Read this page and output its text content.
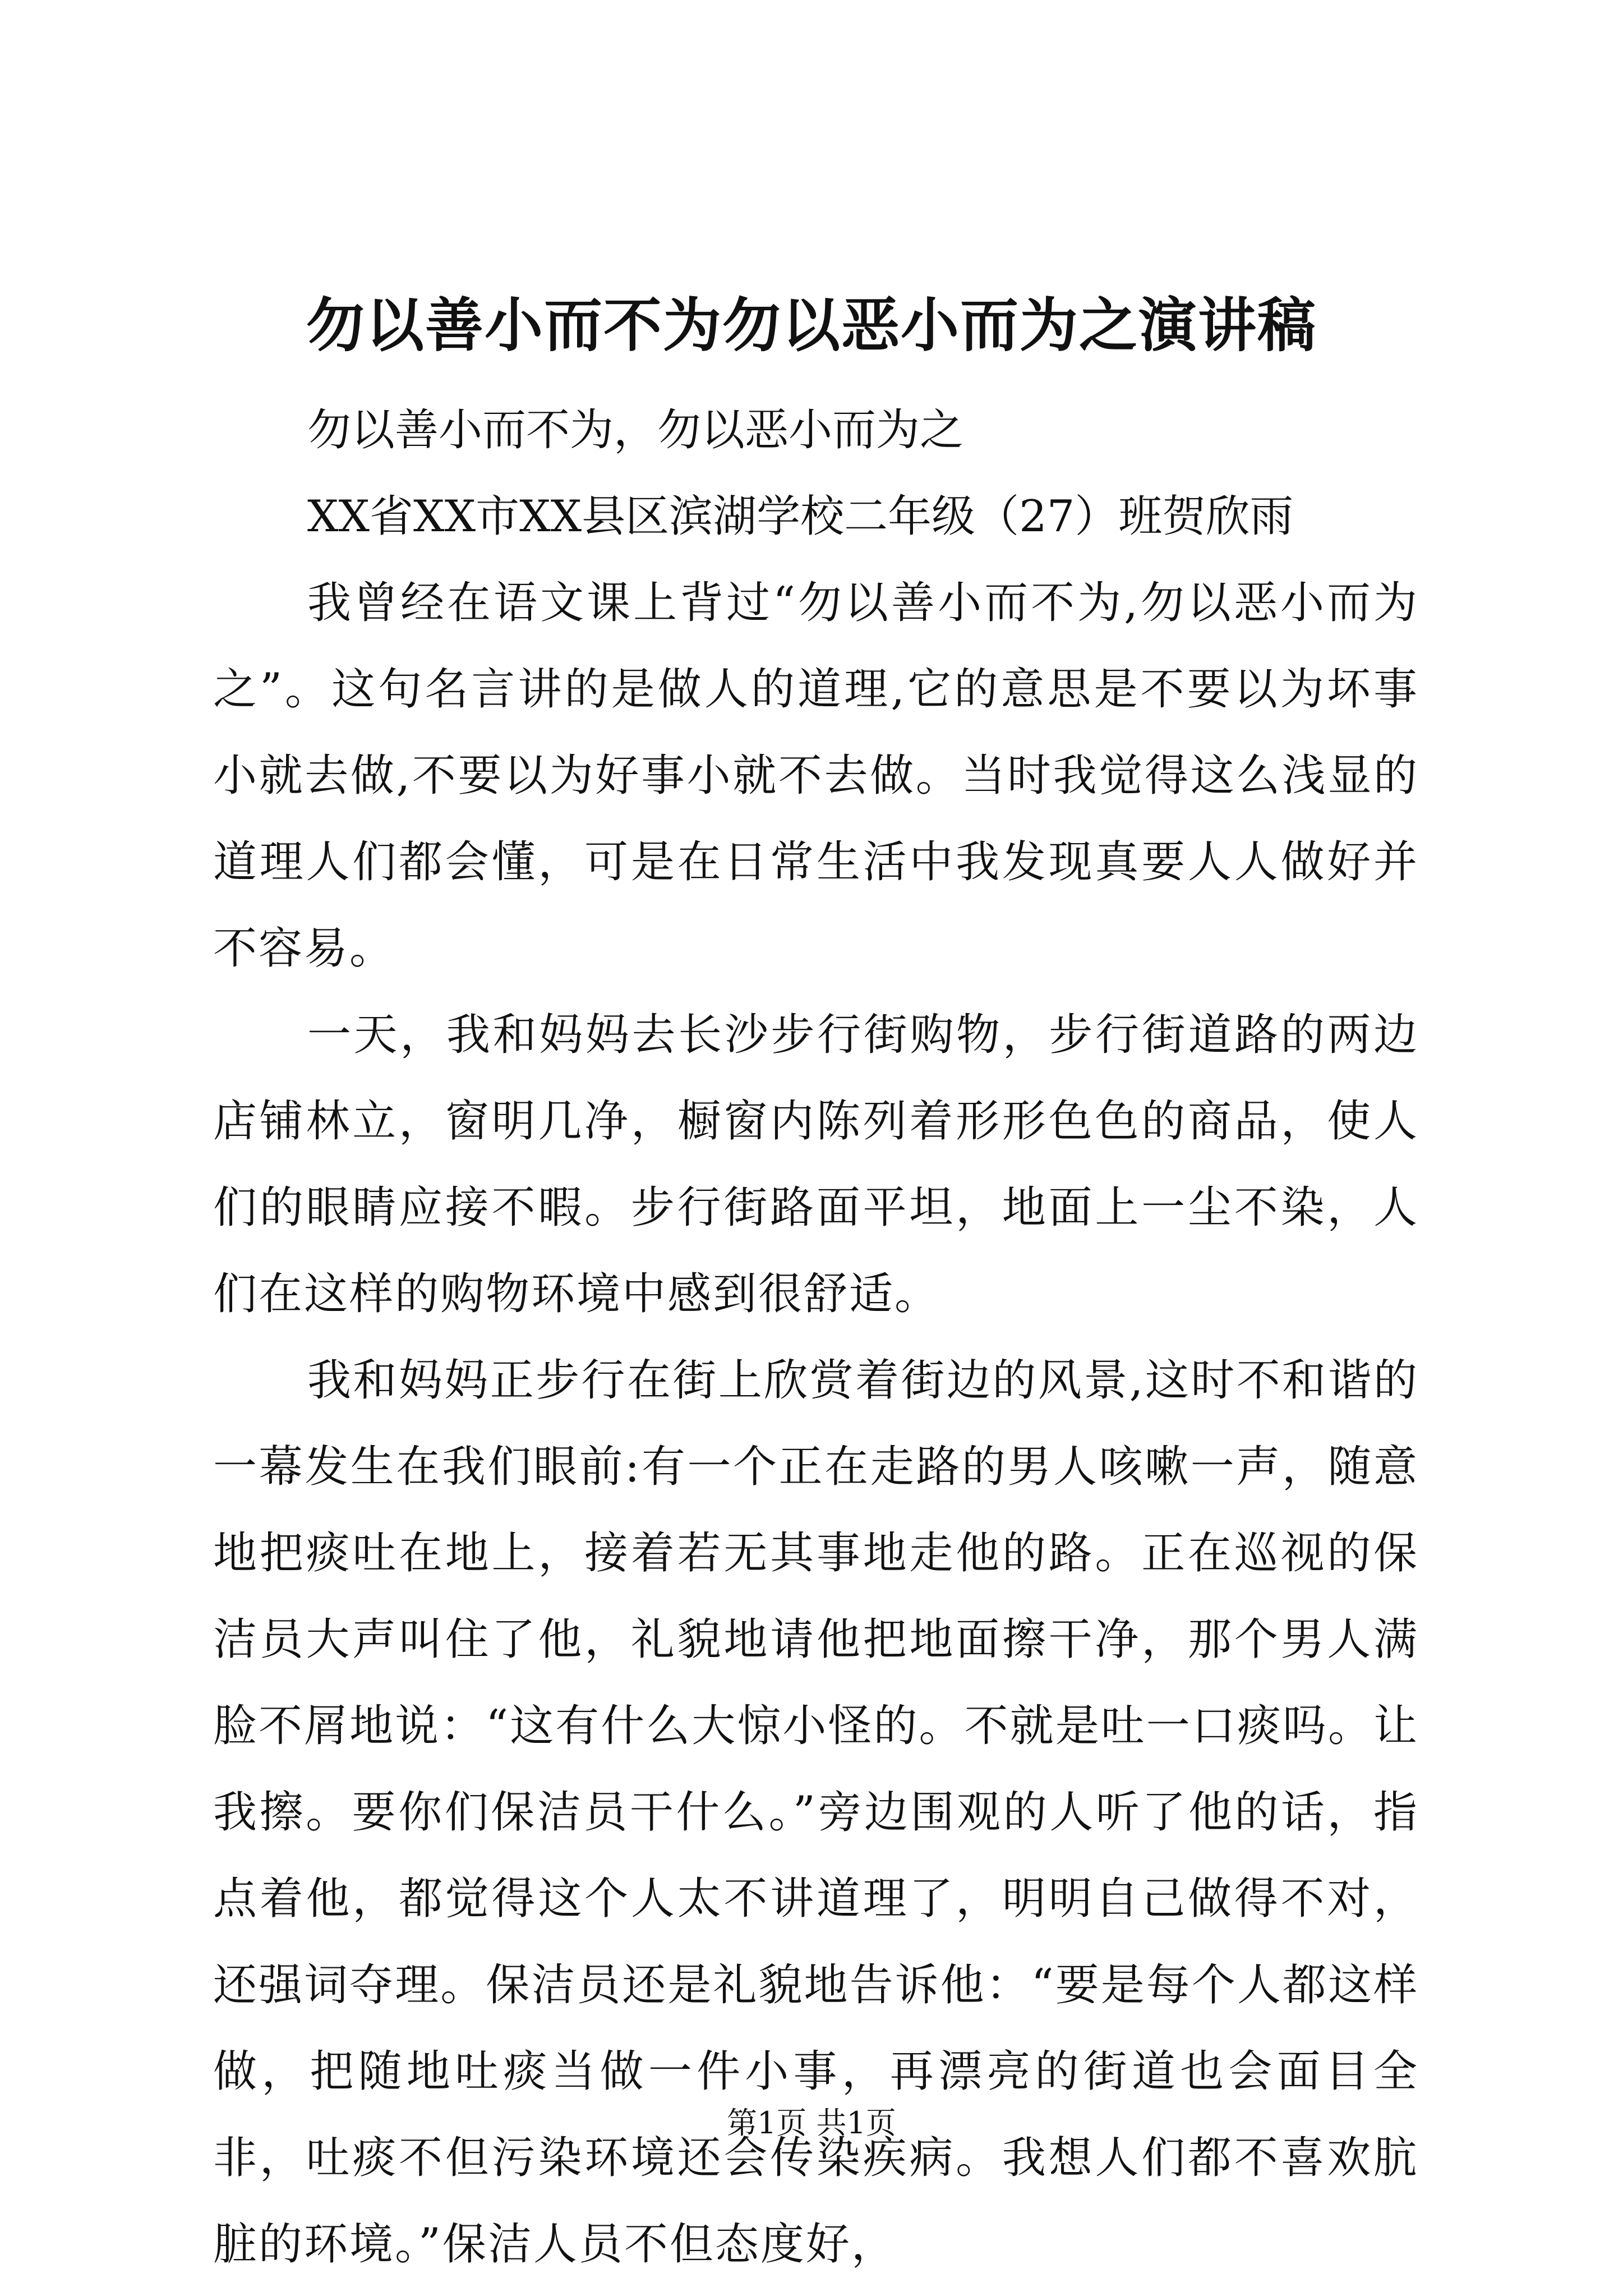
勿以善小而不为勿以恶小而为之演讲稿

勿以善小而不为，勿以恶小而为之

XX省XX市XX县区滨湖学校二年级（27）班贺欣雨

我曾经在语文课上背过“勿以善小而不为,勿以恶小而为之”。这句名言讲的是做人的道理,它的意思是不要以为坏事小就去做,不要以为好事小就不去做。当时我觉得这么浅显的道理人们都会懂，可是在日常生活中我发现真要人人做好并不容易。

一天，我和妈妈去长沙步行街购物，步行街道路的两边店铺林立，窗明几净，橱窗内陈列着形形色色的商品，使人们的眼睛应接不暇。步行街路面平坦，地面上一尘不染，人们在这样的购物环境中感到很舒适。

我和妈妈正步行在街上欣赏着街边的风景,这时不和谐的一幕发生在我们眼前:有一个正在走路的男人咳嗽一声，随意地把痰吐在地上，接着若无其事地走他的路。正在巡视的保洁员大声叫住了他，礼貌地请他把地面擦干净，那个男人满脸不屑地说：“这有什么大惊小怪的。不就是吐一口痰吗。让我擦。要你们保洁员干什么。”旁边围观的人听了他的话，指点着他，都觉得这个人太不讲道理了，明明自己做得不对，还强词夺理。保洁员还是礼貌地告诉他：“要是每个人都这样做，把随地吐痰当做一件小事，再漂亮的街道也会面目全非，吐痰不但污染环境还会传染疾病。我想人们都不喜欢肮脏的环境。”保洁人员不但态度好，

第1页 共1页
